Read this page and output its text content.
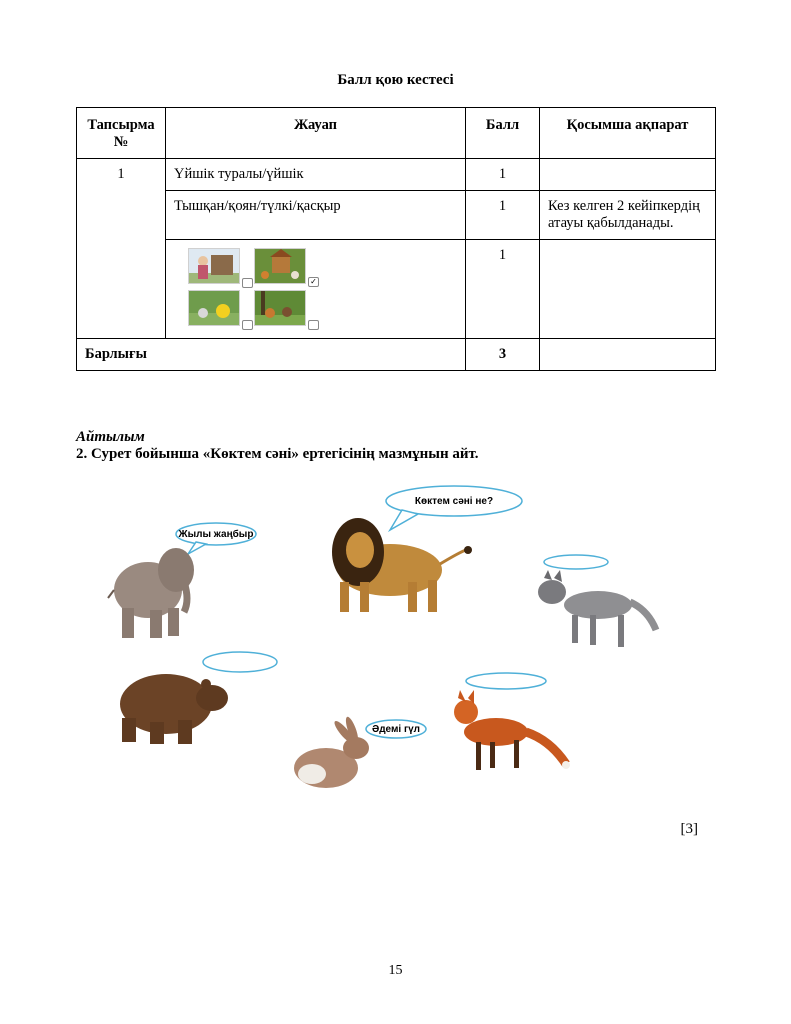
Балл қою кестесі
Тапсырма №	Жауап	Балл	Қосымша ақпарат
1	Үйшік туралы/үйшік	1	
	Тышқан/қоян/түлкі/қасқыр	1	Кез келген 2 кейіпкердің атауы қабылданады.

	✓	1	
Барлығы		3	
Айтылым
2. Сурет бойынша «Көктем сәні» ертегісінің мазмұнын айт.
Көктем сәні не?
Жылы жаңбыр
Әдемі гүл
[3]
15
